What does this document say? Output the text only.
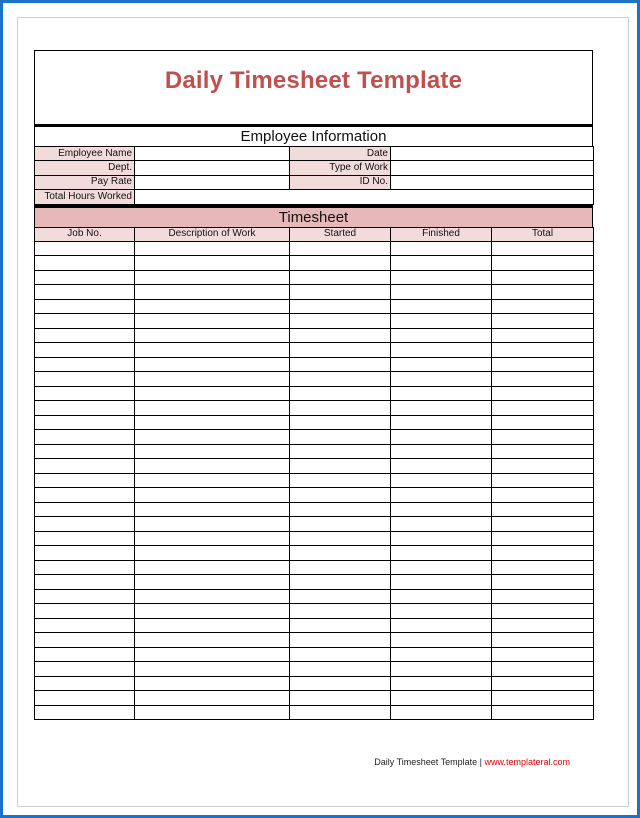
Daily Timesheet Template
Employee Information
Employee Name		Date	
Dept.		Type of Work	
Pay Rate		ID No.	
Total Hours Worked			
Timesheet
Job No.	Description of Work	Started	Finished	Total

Daily Timesheet Template | www.templateral.com
